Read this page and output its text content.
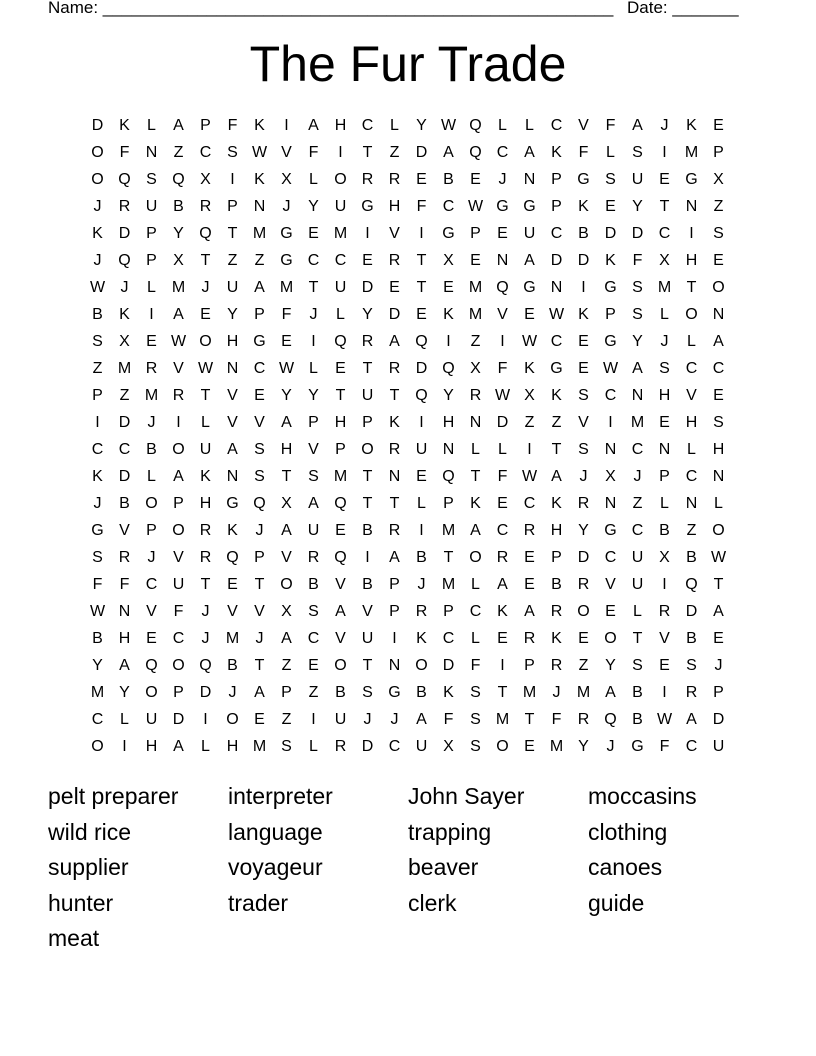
Name: ______________________________________________________ Date: _______
The Fur Trade
D K	L	A	P	F	K	I	A H C	L	Y W Q	L	L	C V	F	A	J	K	E
O F	N	Z	C S W V	F	I	T	Z	D A Q C A	K	F	L	S	I	M P
O Q S Q X	I	K	X	L	O R R E	B	E	J	N P G S U E G X
J	R U B R P N	J	Y U G H	F	C W G G P	K	E	Y	T	N	Z
K D P	Y Q T M G E M	I	V	I	G P	E U C B D D C	I	S
J	Q P	X	T	Z	Z G C C E R	T	X	E N A D D K	F	X H E
W J	L M	J	U A M T	U D E	T	E M Q G N	I	G S M T O
B	K	I	A	E	Y	P	F	J	L	Y D E	K M V	E W K	P	S	L	O N
S	X	E W O H G E	I	Q R A Q	I	Z	I	W C E G Y	J	L	A
Z M R V W N C W L	E	T	R D Q X	F	K G E W A	S C C
P	Z M R	T	V	E	Y	Y	T	U	T Q Y R W X	K	S C N H V	E
I	D	J	I	L	V	V	A	P H P	K	I	H N D	Z	Z	V	I	M E H S
C C B O U A	S H V	P O R U N	L	L	I	T	S N C N	L	H
K D	L	A	K N S	T	S M T	N E Q T	F W A	J	X	J	P C N
J	B O P H G Q X	A Q T	T	L	P	K	E C K R N	Z	L	N	L
G V	P O R K	J	A U E	B R	I	M A C R H Y G C B	Z O
S R	J	V R Q P	V R Q	I	A	B	T O R E	P D C U X	B W
F	F	C U	T	E	T O B	V	B	P	J	M L	A	E	B R V U	I	Q T
W N V	F	J	V	V	X	S	A	V	P R P C K	A R O E	L	R D A
B H E C	J	M	J	A C V U	I	K C	L	E R K	E O T	V	B	E
Y	A Q O Q B	T	Z	E O T	N O D	F	I	P R	Z	Y	S	E	S	J
M Y O P D	J	A	P	Z	B	S G B	K	S	T M	J	M A	B	I	R P
C	L	U D	I	O E	Z	I	U	J	J	A	F	S M T	F	R Q B W A D
O	I	H A	L	H M S	L	R D C U X	S O E M Y	J	G F	C U
pelt preparer	interpreter	John Sayer	moccasins
wild rice	language	trapping	clothing
supplier	voyageur	beaver	canoes
hunter	trader	clerk	guide
meat
